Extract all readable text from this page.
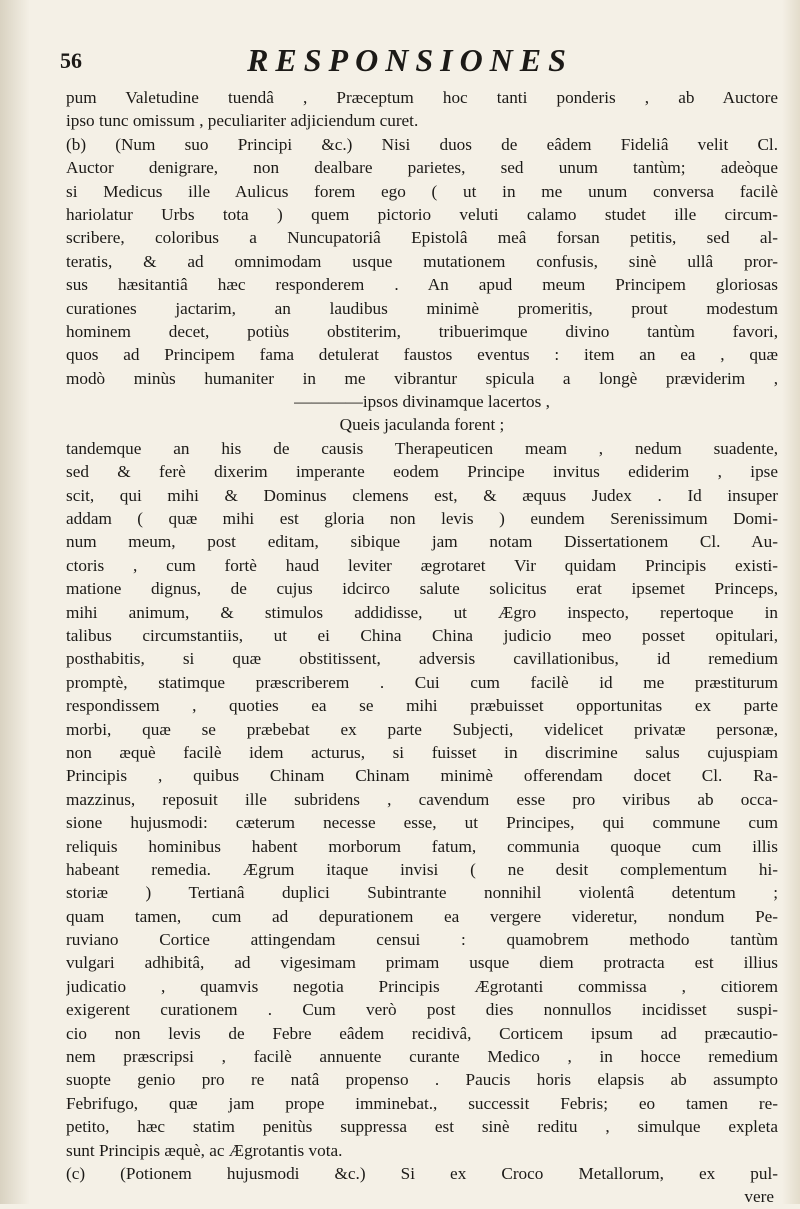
56	RESPONSIONES
pum Valetudine tuendâ , Præceptum hoc tanti ponderis , ab Auctore
ipso tunc omissum , peculiariter adjiciendum curet.
(b) (Num suo Principi &c.) Nisi duos de eâdem Fideliâ velit Cl.
Auctor denigrare, non dealbare parietes, sed unum tantùm; adeòque
si Medicus ille Aulicus forem ego ( ut in me unum conversa facilè
hariolatur Urbs tota ) quem pictorio veluti calamo studet ille circum-
scribere, coloribus a Nuncupatoriâ Epistolâ meâ forsan petitis, sed al-
teratis, & ad omnimodam usque mutationem confusis, sinè ullâ pror-
sus hæsitantiâ hæc responderem . An apud meum Principem gloriosas
curationes jactarim, an laudibus minimè promeritis, prout modestum
hominem decet, potiùs obstiterim, tribuerimque divino tantùm favori,
quos ad Principem fama detulerat faustos eventus : item an ea , quæ
modò minùs humaniter in me vibrantur spicula a longè præviderim ,
————ipsos divinamque lacertos ,
Queis jaculanda forent ;
tandemque an his de causis Therapeuticen meam , nedum suadente,
sed & ferè dixerim imperante eodem Principe invitus ediderim , ipse
scit, qui mihi & Dominus clemens est, & æquus Judex . Id insuper
addam ( quæ mihi est gloria non levis ) eundem Serenissimum Domi-
num meum, post editam, sibique jam notam Dissertationem Cl. Au-
ctoris , cum fortè haud leviter ægrotaret Vir quidam Principis existi-
matione dignus, de cujus idcirco salute solicitus erat ipsemet Princeps,
mihi animum, & stimulos addidisse, ut Ægro inspecto, repertoque in
talibus circumstantiis, ut ei China China judicio meo posset opitulari,
posthabitis, si quæ obstitissent, adversis cavillationibus, id remedium
promptè, statimque præscriberem . Cui cum facilè id me præstiturum
respondissem , quoties ea se mihi præbuisset opportunitas ex parte
morbi, quæ se præbebat ex parte Subjecti, videlicet privatæ personæ,
non æquè facilè idem acturus, si fuisset in discrimine salus cujuspiam
Principis , quibus Chinam Chinam minimè offerendam docet Cl. Ra-
mazzinus, reposuit ille subridens , cavendum esse pro viribus ab occa-
sione hujusmodi: cæterum necesse esse, ut Principes, qui commune cum
reliquis hominibus habent morborum fatum, communia quoque cum illis
habeant remedia. Ægrum itaque invisi ( ne desit complementum hi-
storiæ ) Tertianâ duplici Subintrante nonnihil violentâ detentum ;
quam tamen, cum ad depurationem ea vergere videretur, nondum Pe-
ruviano Cortice attingendam censui : quamobrem methodo tantùm
vulgari adhibitâ, ad vigesimam primam usque diem protracta est illius
judicatio , quamvis negotia Principis Ægrotanti commissa , citiorem
exigerent curationem . Cum verò post dies nonnullos incidisset suspi-
cio non levis de Febre eâdem recidivâ, Corticem ipsum ad præcautio-
nem præscripsi , facilè annuente curante Medico , in hocce remedium
suopte genio pro re natâ propenso . Paucis horis elapsis ab assumpto
Febrifugo, quæ jam prope imminebat., successit Febris; eo tamen re-
petito, hæc statim penitùs suppressa est sinè reditu , simulque expleta
sunt Principis æquè, ac Ægrotantis vota.
(c) (Potionem hujusmodi &c.) Si ex Croco Metallorum, ex pul-
vere
